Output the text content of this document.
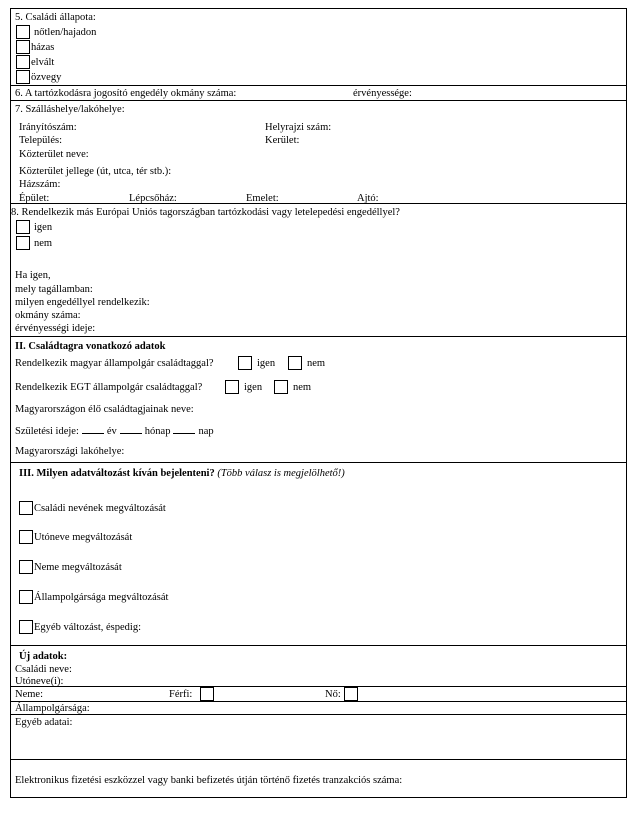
5. Családi állapota:
nőtlen/hajadon
házas
elvált
özvegy
6. A tartózkodásra jogosító engedély okmány száma:	érvényessége:
7. Szálláshelye/lakóhelye:
Irányítószám:	Helyrajzi szám:
Település:	Kerület:
Közterület neve:
Közterület jellege (út, utca, tér stb.):
Házszám:
Épület:	Lépcsőház:	Emelet:	Ajtó:
8. Rendelkezik más Európai Uniós tagországban tartózkodási vagy letelepedési engedéllyel?
igen
nem
Ha igen,
mely tagállamban:
milyen engedéllyel rendelkezik:
okmány száma:
érvényességi ideje:
II. Családtagra vonatkozó adatok
Rendelkezik magyar állampolgár családtaggal?	igen	nem
Rendelkezik EGT állampolgár családtaggal?	igen	nem
Magyarországon élő családtagjainak neve:
Születési ideje:	év	hónap	nap
Magyarországi lakóhelye:
III. Milyen adatváltozást kíván bejelenteni? (Több válasz is megjelölhető!)
Családi nevének megváltozását
Utóneve megváltozását
Neme megváltozását
Állampolgársága megváltozását
Egyéb változást, éspedig:
Új adatok:
Családi neve:
Utóneve(i):
Neme:	Férfi:	Nő:
Állampolgársága:
Egyéb adatai:
Elektronikus fizetési eszközzel vagy banki befizetés útján történő fizetés tranzakciós száma:
